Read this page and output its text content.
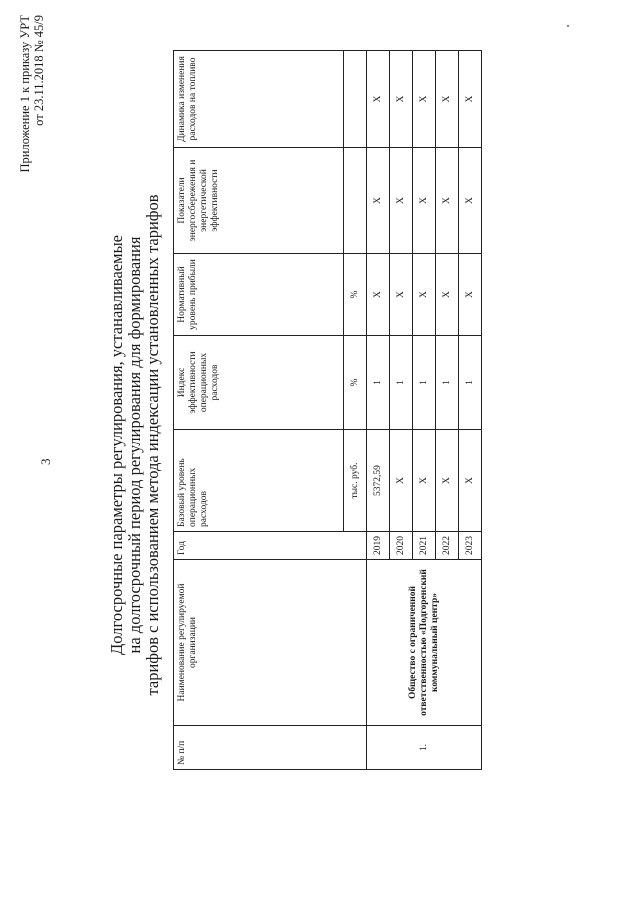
3
Приложение 1 к приказу УРТ от 23.11.2018 № 45/9
Долгосрочные параметры регулирования, устанавливаемые на долгосрочный период регулирования для формирования тарифов с использованием метода индексации установленных тарифов
№ п/п	Наименование регулируемой организации	Год	Базовый уровень операционных расходов	Индекс эффективности операционных расходов	Нормативный уровень прибыли	Показатели энергосбережения и энергетической эффективности	Динамика изменения расходов на топливо
			тыс. руб.	%	%		
1.	Общество с ограниченной ответственностью «Подгоренский коммунальный центр»	2019	5372,59	1	Х	Х	Х
		2020	Х	1	Х	Х	Х
		2021	Х	1	Х	Х	Х
		2022	Х	1	Х	Х	Х
		2023	Х	1	Х	Х	Х
